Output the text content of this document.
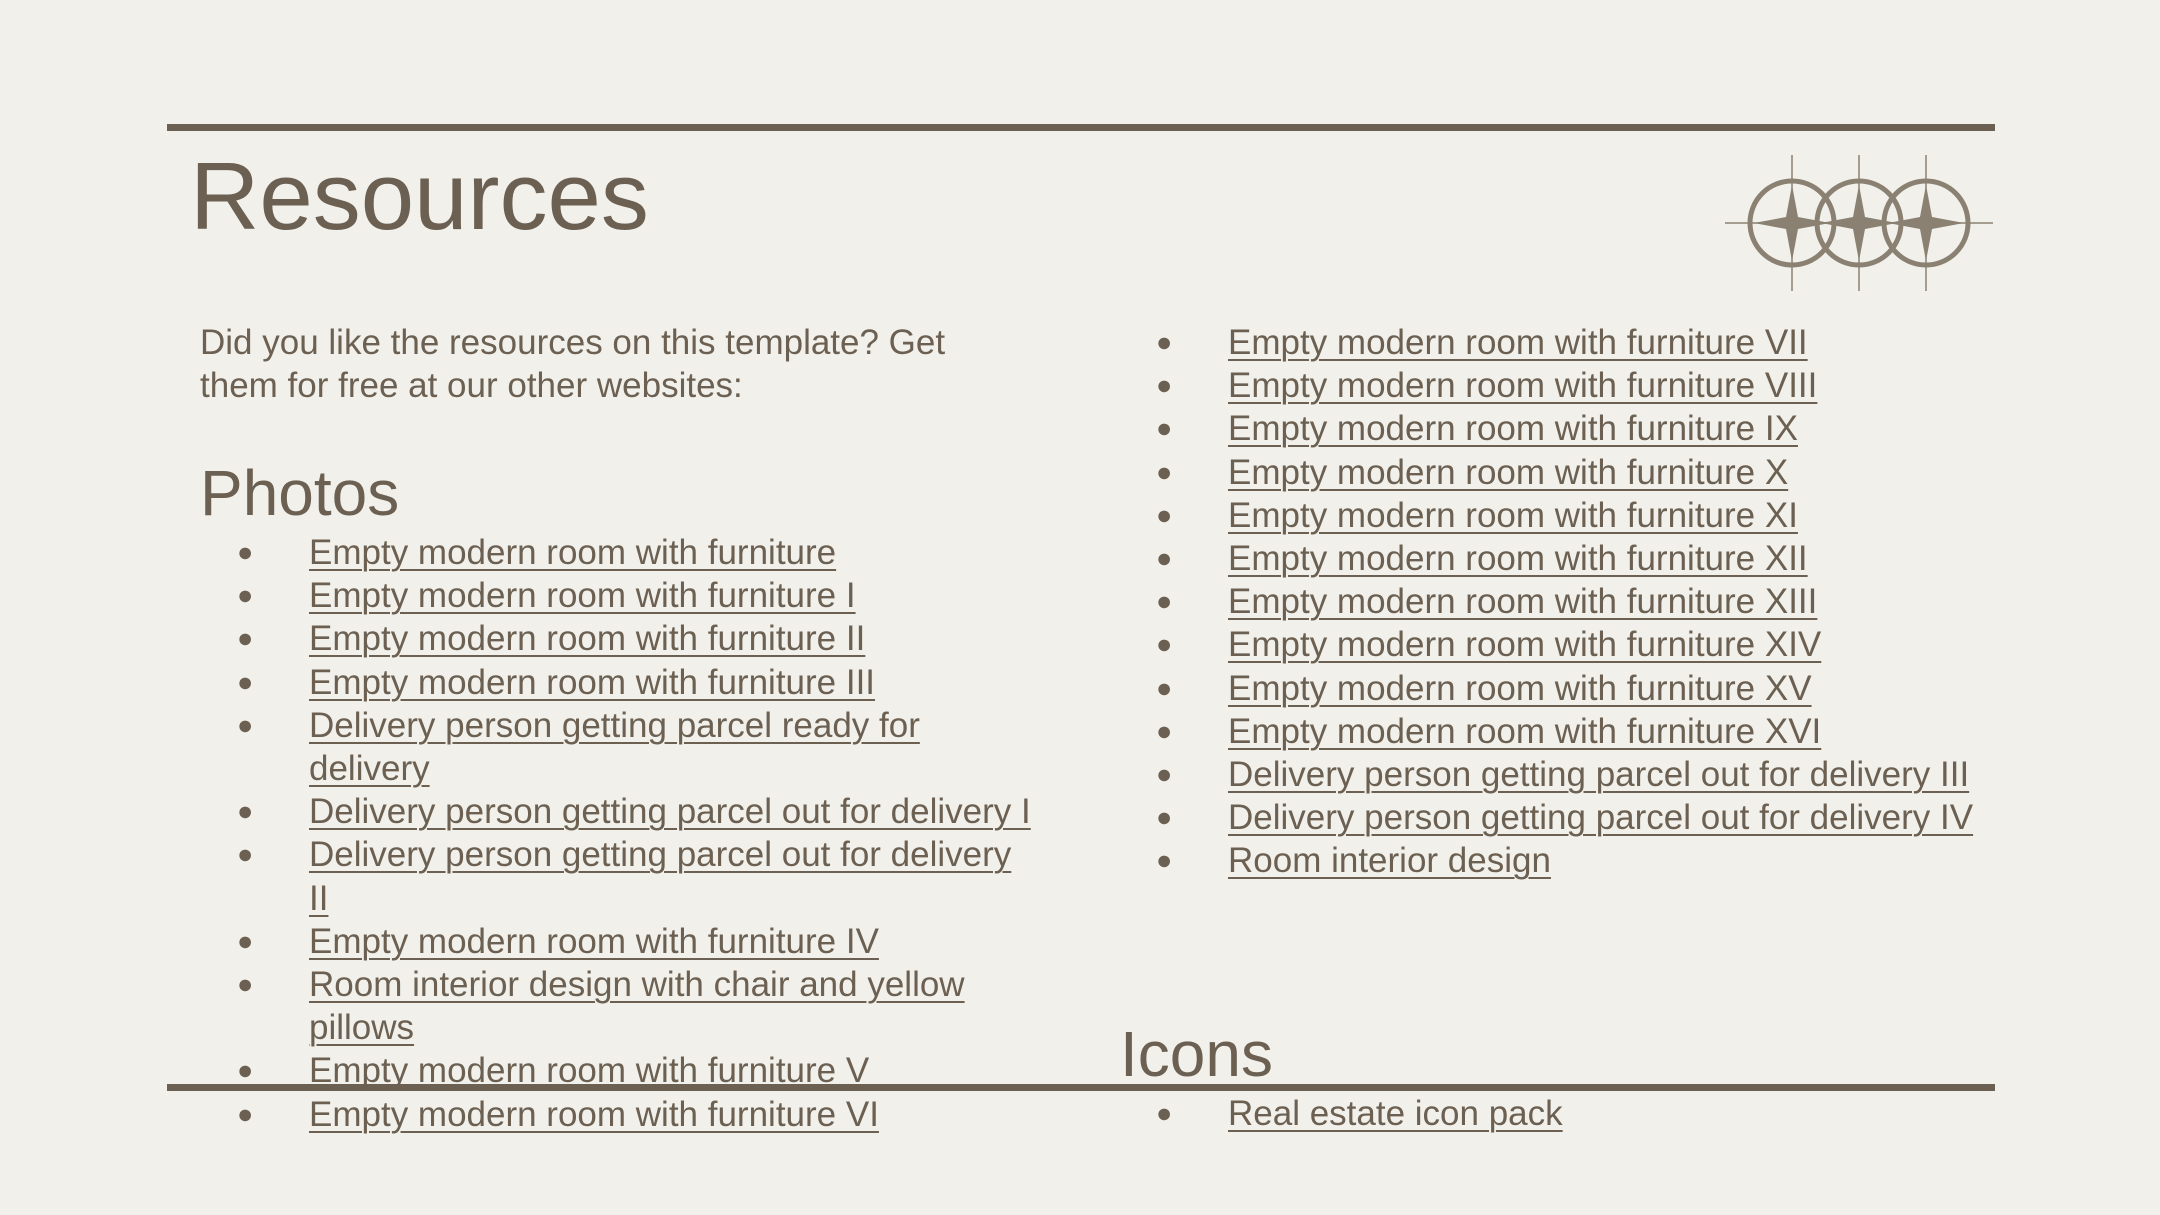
Resources

Did you like the resources on this template? Get them for free at our other websites:

Photos
● Empty modern room with furniture
● Empty modern room with furniture I
● Empty modern room with furniture II
● Empty modern room with furniture III
● Delivery person getting parcel ready for delivery
● Delivery person getting parcel out for delivery I
● Delivery person getting parcel out for delivery II
● Empty modern room with furniture IV
● Room interior design with chair and yellow pillows
● Empty modern room with furniture V
● Empty modern room with furniture VI
● Empty modern room with furniture VII
● Empty modern room with furniture VIII
● Empty modern room with furniture IX
● Empty modern room with furniture X
● Empty modern room with furniture XI
● Empty modern room with furniture XII
● Empty modern room with furniture XIII
● Empty modern room with furniture XIV
● Empty modern room with furniture XV
● Empty modern room with furniture XVI
● Delivery person getting parcel out for delivery III
● Delivery person getting parcel out for delivery IV
● Room interior design
Icons
● Real estate icon pack
